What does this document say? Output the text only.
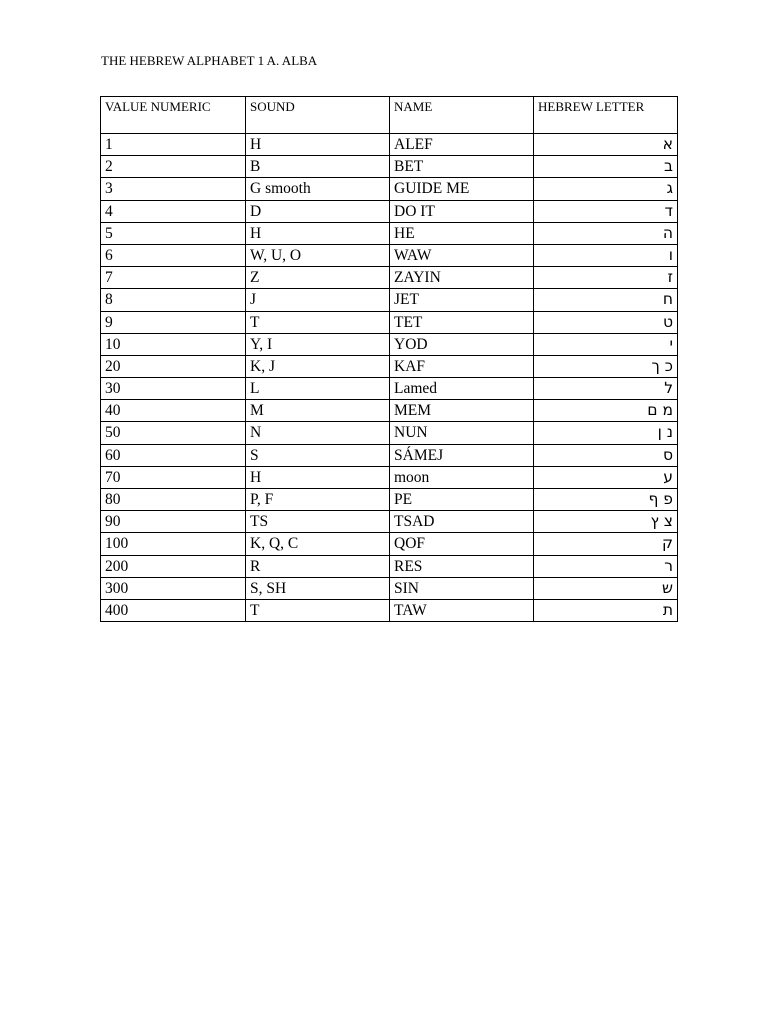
THE HEBREW ALPHABET 1 A. ALBA
VALUE NUMERIC	SOUND	NAME	HEBREW LETTER
1	H	ALEF	א
2	B	BET	ב
3	G smooth	GUIDE ME	ג
4	D	DO IT	ד
5	H	HE	ה
6	W, U, O	WAW	ו
7	Z	ZAYIN	ז
8	J	JET	ח
9	T	TET	ט
10	Y, I	YOD	י
20	K, J	KAF	כ ך
30	L	Lamed	ל
40	M	MEM	מ ם
50	N	NUN	נ ן
60	S	SÁMEJ	ס
70	H	moon	ע
80	P, F	PE	פ ף
90	TS	TSAD	צ ץ
100	K, Q, C	QOF	ק
200	R	RES	ר
300	S, SH	SIN	ש
400	T	TAW	ת
